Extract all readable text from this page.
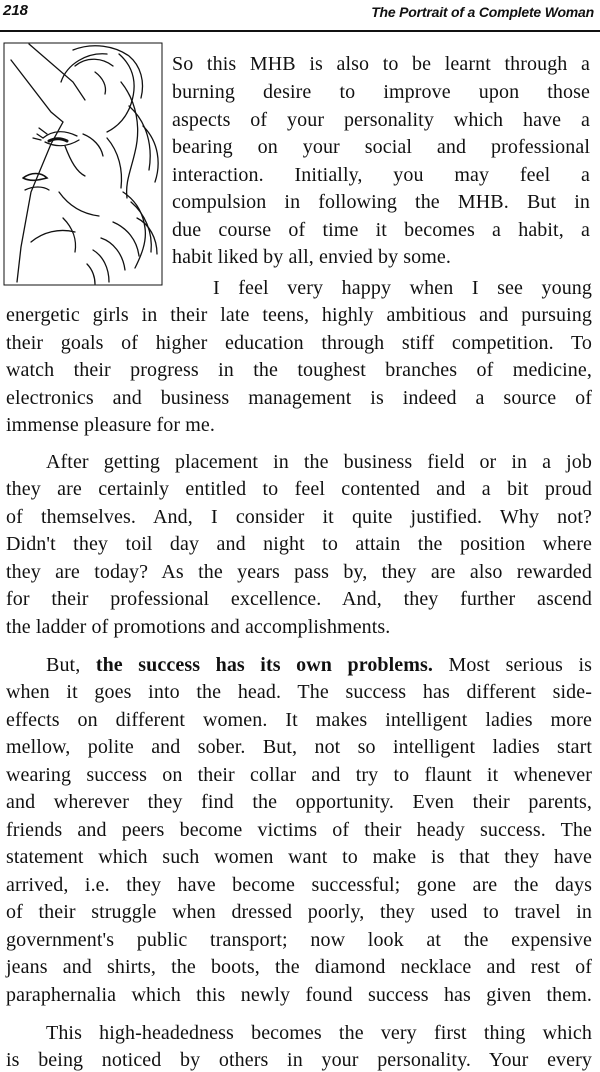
218	The Portrait of a Complete Woman
So this MHB is also to be learnt through a
burning desire to improve upon those
aspects of your personality which have a
bearing on your social and professional
interaction. Initially, you may feel a
compulsion in following the MHB. But in
due course of time it becomes a habit, a
habit liked by all, envied by some.
I feel very happy when I see young
energetic girls in their late teens, highly ambitious and pursuing
their goals of higher education through stiff competition. To
watch their progress in the toughest branches of medicine,
electronics and business management is indeed a source of
immense pleasure for me.
After getting placement in the business field or in a job
they are certainly entitled to feel contented and a bit proud
of themselves. And, I consider it quite justified. Why not?
Didn't they toil day and night to attain the position where
they are today? As the years pass by, they are also rewarded
for their professional excellence. And, they further ascend
the ladder of promotions and accomplishments.
But, the success has its own problems. Most serious is
when it goes into the head. The success has different side-
effects on different women. It makes intelligent ladies more
mellow, polite and sober. But, not so intelligent ladies start
wearing success on their collar and try to flaunt it whenever
and wherever they find the opportunity. Even their parents,
friends and peers become victims of their heady success. The
statement which such women want to make is that they have
arrived, i.e. they have become successful; gone are the days
of their struggle when dressed poorly, they used to travel in
government's public transport; now look at the expensive
jeans and shirts, the boots, the diamond necklace and rest of
paraphernalia which this newly found success has given them.
This high-headedness becomes the very first thing which
is being noticed by others in your personality. Your every
